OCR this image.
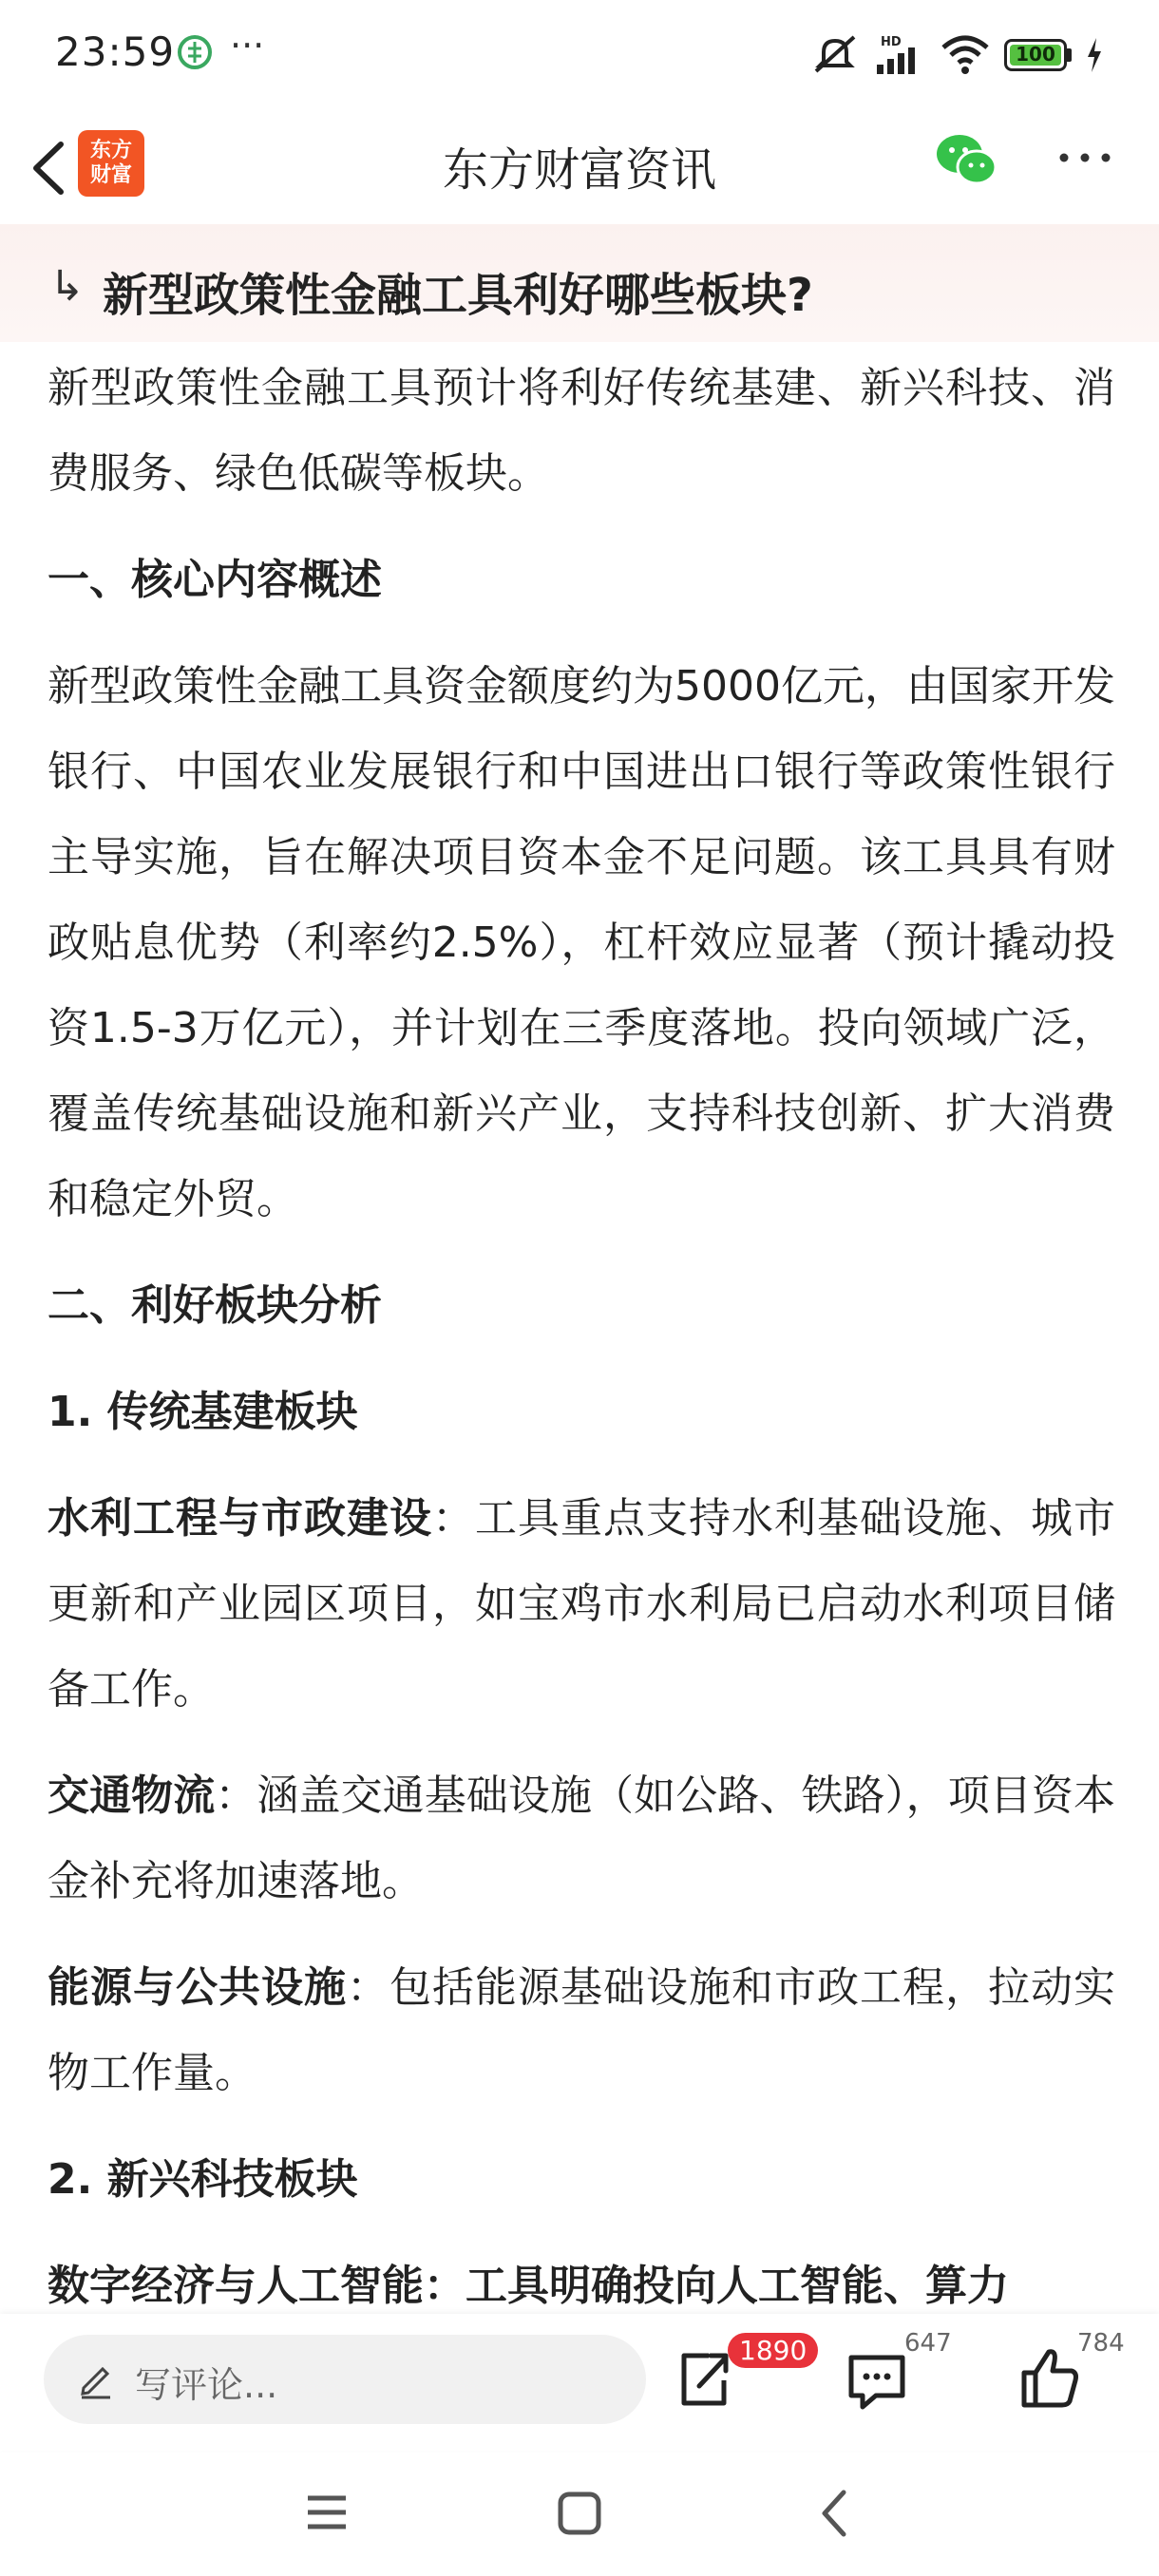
23:59 ···	HD
100
东方
财富	东方财富资讯
↳ 新型政策性金融工具利好哪些板块?

新型政策性金融工具预计将利好传统基建、新兴科技、消费服务、绿色低碳等板块。

一、核心内容概述

新型政策性金融工具资金额度约为5000亿元，由国家开发银行、中国农业发展银行和中国进出口银行等政策性银行主导实施，旨在解决项目资本金不足问题。该工具具有财政贴息优势（利率约2.5%），杠杆效应显著（预计撬动投资1.5-3万亿元），并计划在三季度落地。投向领域广泛，覆盖传统基础设施和新兴产业，支持科技创新、扩大消费和稳定外贸。

二、利好板块分析

1. 传统基建板块

水利工程与市政建设：工具重点支持水利基础设施、城市更新和产业园区项目，如宝鸡市水利局已启动水利项目储备工作。

交通物流：涵盖交通基础设施（如公路、铁路），项目资本金补充将加速落地。

能源与公共设施：包括能源基础设施和市政工程，拉动实物工作量。

2. 新兴科技板块

数字经济与人工智能：工具明确投向人工智能、算力

写评论...
1890	647	784
